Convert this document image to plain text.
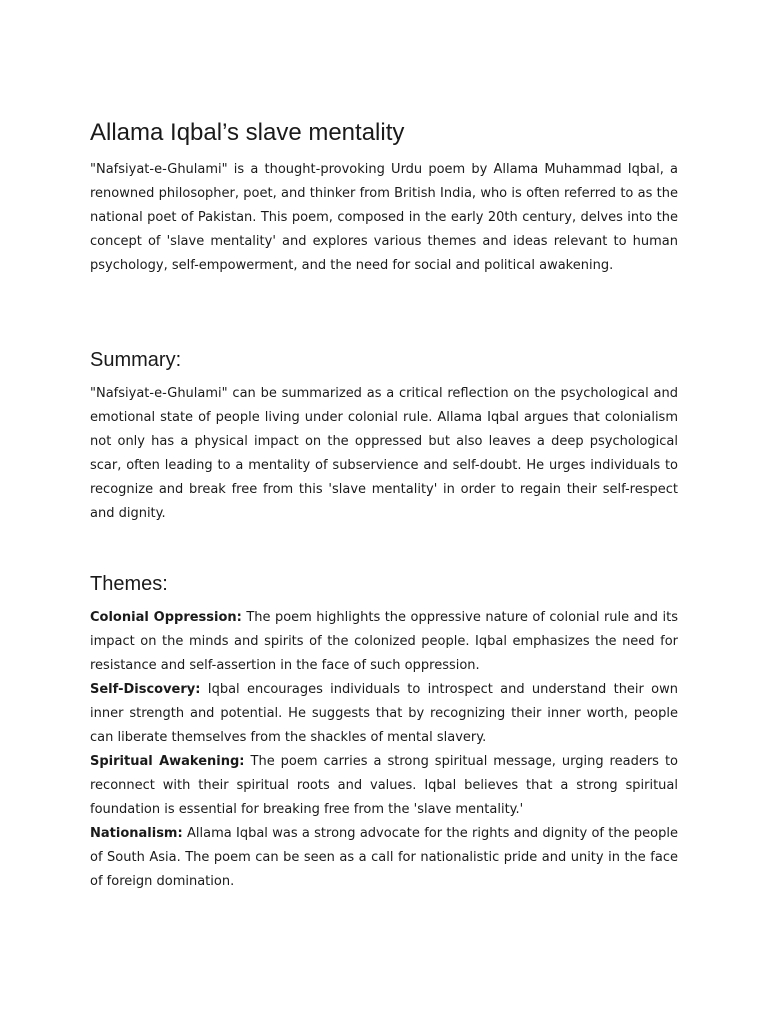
Allama Iqbal’s slave mentality

"Nafsiyat-e-Ghulami" is a thought-provoking Urdu poem by Allama Muhammad Iqbal, a renowned philosopher, poet, and thinker from British India, who is often referred to as the national poet of Pakistan. This poem, composed in the early 20th century, delves into the concept of 'slave mentality' and explores various themes and ideas relevant to human psychology, self-empowerment, and the need for social and political awakening.

Summary:

"Nafsiyat-e-Ghulami" can be summarized as a critical reflection on the psychological and emotional state of people living under colonial rule. Allama Iqbal argues that colonialism not only has a physical impact on the oppressed but also leaves a deep psychological scar, often leading to a mentality of subservience and self-doubt. He urges individuals to recognize and break free from this 'slave mentality' in order to regain their self-respect and dignity.

Themes:

Colonial Oppression: The poem highlights the oppressive nature of colonial rule and its impact on the minds and spirits of the colonized people. Iqbal emphasizes the need for resistance and self-assertion in the face of such oppression.

Self-Discovery: Iqbal encourages individuals to introspect and understand their own inner strength and potential. He suggests that by recognizing their inner worth, people can liberate themselves from the shackles of mental slavery.

Spiritual Awakening: The poem carries a strong spiritual message, urging readers to reconnect with their spiritual roots and values. Iqbal believes that a strong spiritual foundation is essential for breaking free from the 'slave mentality.'

Nationalism: Allama Iqbal was a strong advocate for the rights and dignity of the people of South Asia. The poem can be seen as a call for nationalistic pride and unity in the face of foreign domination.
